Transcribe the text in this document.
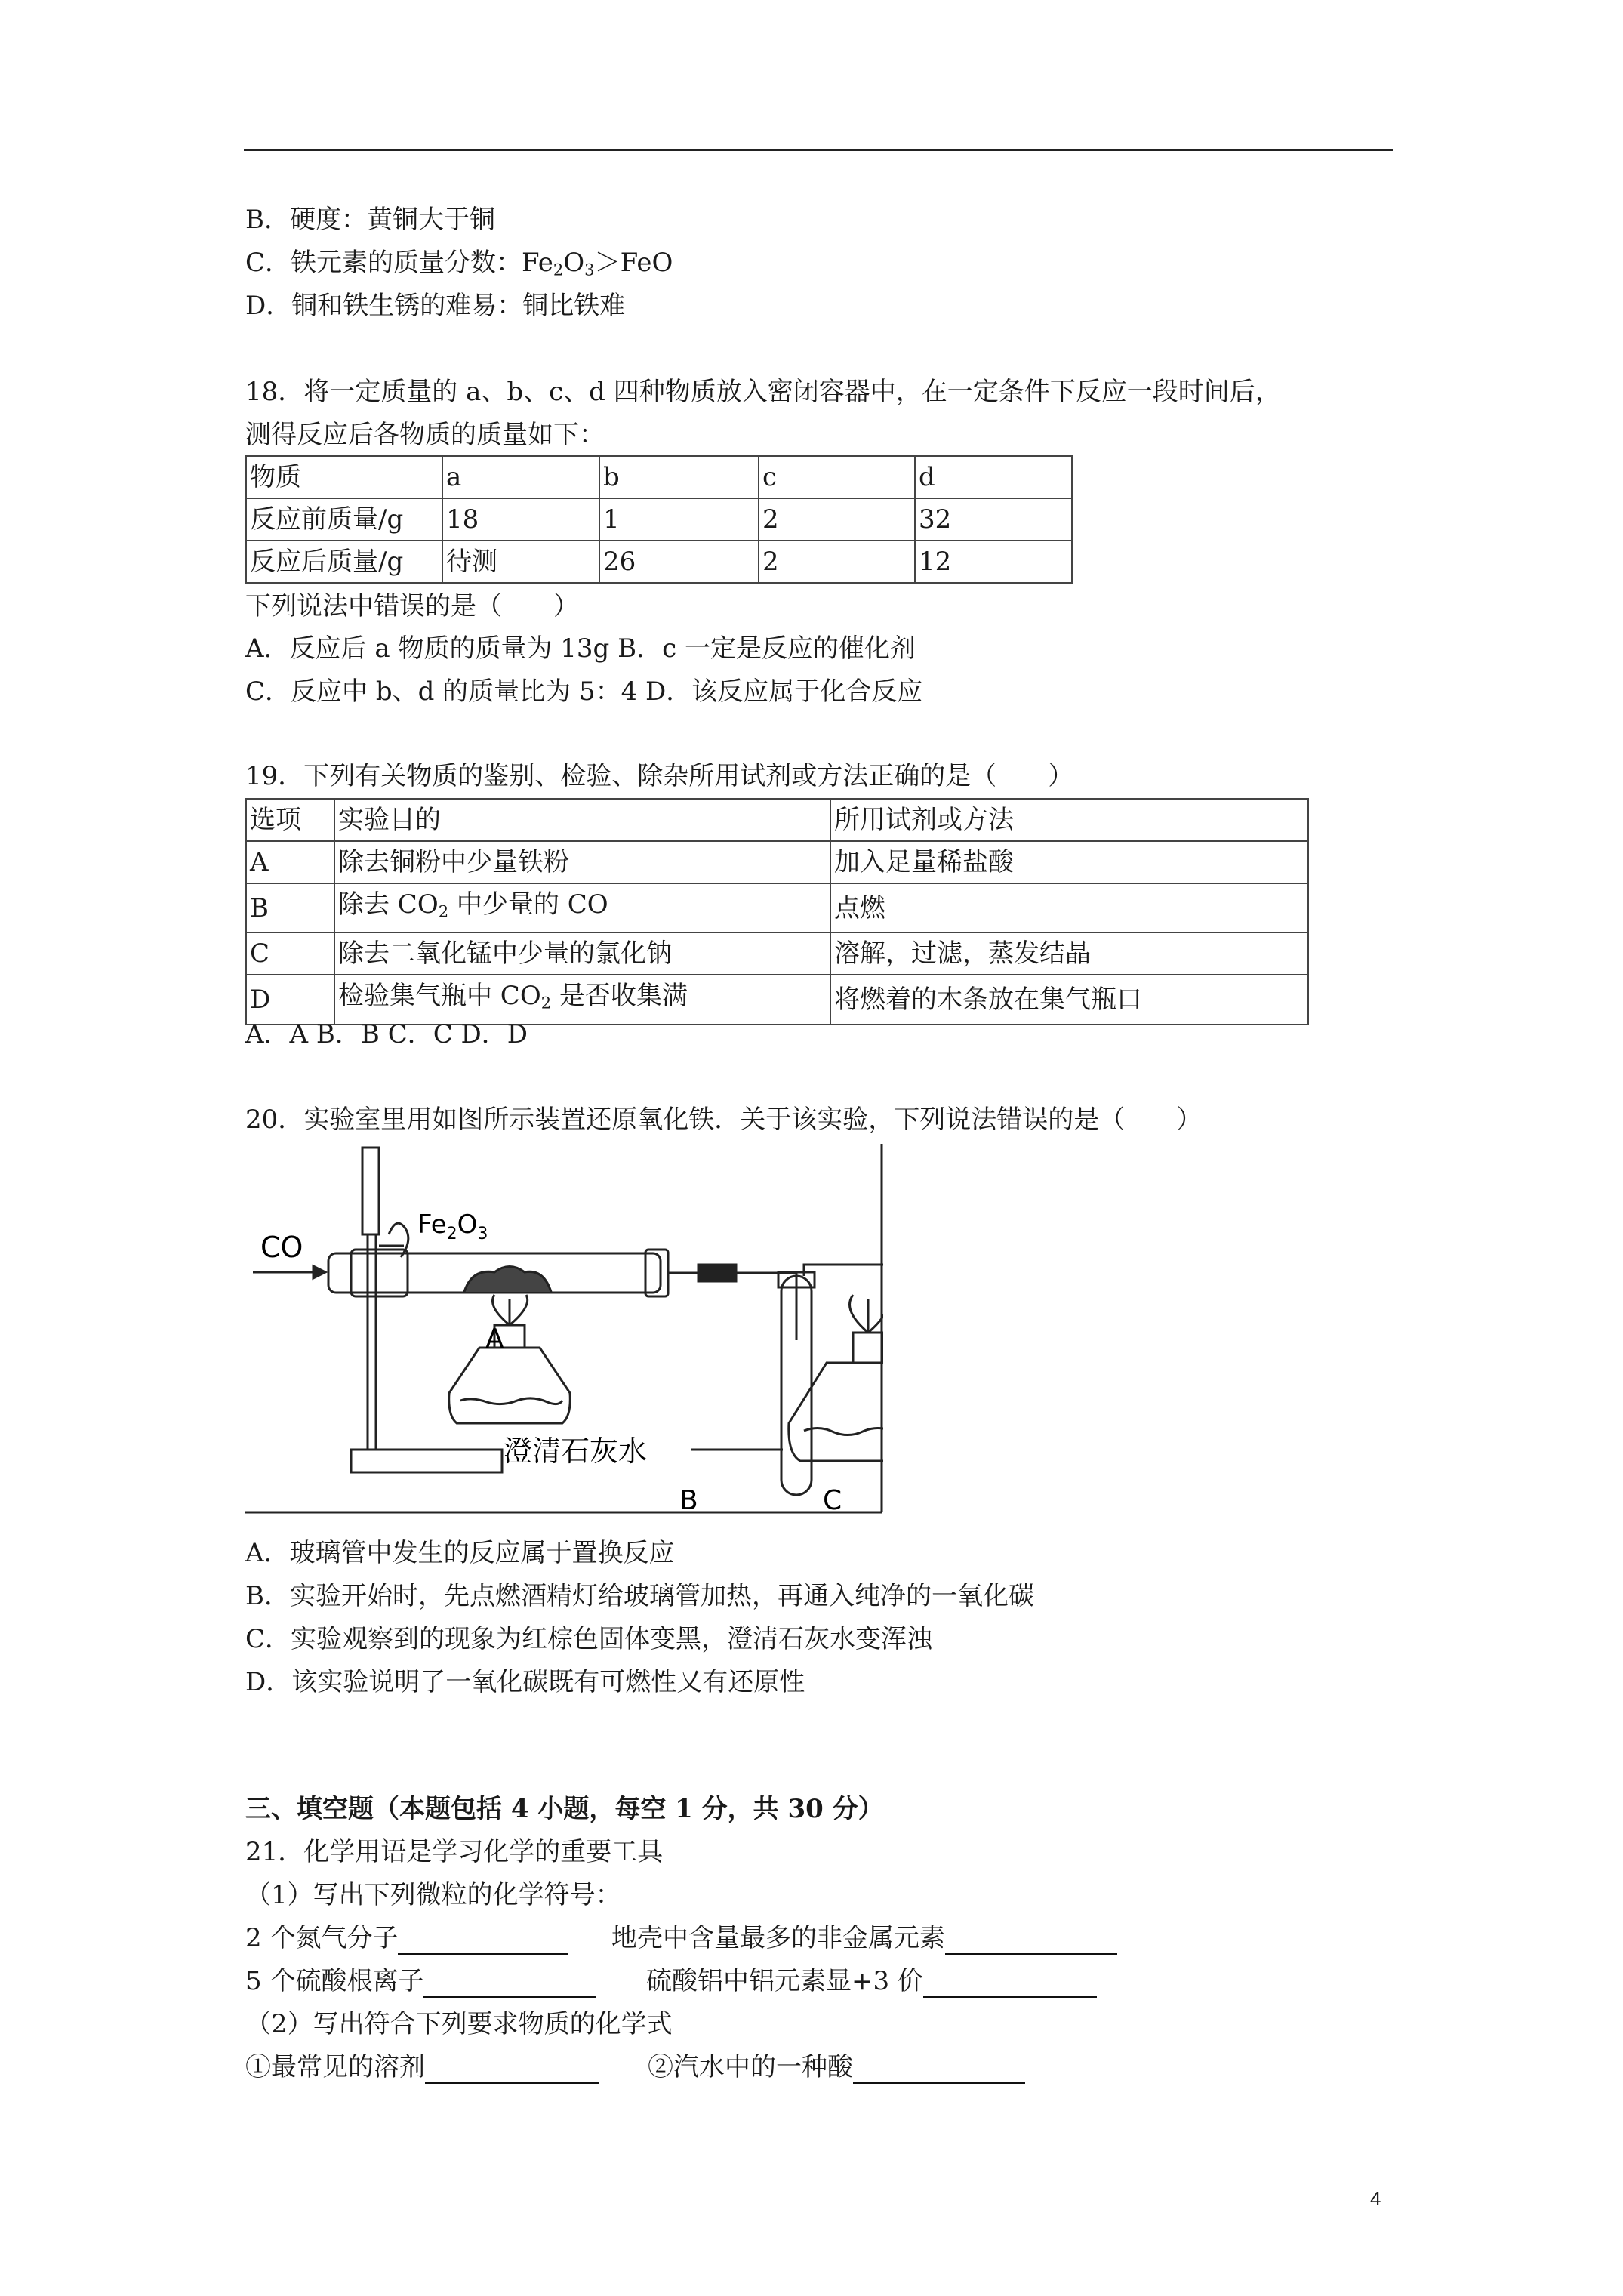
B．硬度：黄铜大于铜
C．铁元素的质量分数：$Fe_2O_3>FeO$
D．铜和铁生锈的难易：铜比铁难
18．将一定质量的 a、b、c、d 四种物质放入密闭容器中，在一定条件下反应一段时间后，
测得反应后各物质的质量如下：
物质	a	b	c	d
反应前质量/g	18	1	2	32
反应后质量/g	待测	26	2	12
下列说法中错误的是（　　）
A．反应后 a 物质的质量为 13g B．c 一定是反应的催化剂
C．反应中 b、d 的质量比为 5：4 D．该反应属于化合反应
19．下列有关物质的鉴别、检验、除杂所用试剂或方法正确的是（　　）
选项	实验目的	所用试剂或方法
A	除去铜粉中少量铁粉	加入足量稀盐酸
B	除去 $CO_2$ 中少量的 CO	点燃
C	除去二氧化锰中少量的氯化钠	溶解，过滤，蒸发结晶
D	检验集气瓶中 $CO_2$ 是否收集满	将燃着的木条放在集气瓶口
A．A B．B C．C D．D
20．实验室里用如图所示装置还原氧化铁．关于该实验，下列说法错误的是（　　）
CO
$Fe_2O_3$
A
澄清石灰水
B	C
A．玻璃管中发生的反应属于置换反应
B．实验开始时，先点燃酒精灯给玻璃管加热，再通入纯净的一氧化碳
C．实验观察到的现象为红棕色固体变黑，澄清石灰水变浑浊
D．该实验说明了一氧化碳既有可燃性又有还原性
三、填空题（本题包括 4 小题，每空 1 分，共 30 分）
21．化学用语是学习化学的重要工具
（1）写出下列微粒的化学符号：
2 个氮气分子	地壳中含量最多的非金属元素
5 个硫酸根离子	硫酸铝中铝元素显+3 价
（2）写出符合下列要求物质的化学式
①最常见的溶剂	②汽水中的一种酸
4
